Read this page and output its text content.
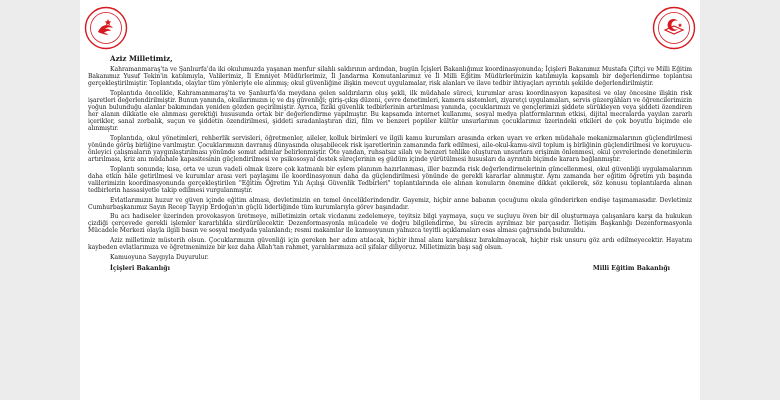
Aziz Milletimiz,

Kahramanmaraş'ta ve Şanlıurfa'da iki okulumuzda yaşanan menfur silahlı saldırının ardından, bugün İçişleri Bakanlığımız koordinasyonunda; İçişleri Bakanımız Mustafa Çiftçi ve Milli Eğitim Bakanımız Yusuf Tekin'in katılımıyla, Valilerimiz, İl Emniyet Müdürlerimiz, İl Jandarma Komutanlarımız ve İl Milli Eğitim Müdürlerimizin katılımıyla kapsamlı bir değerlendirme toplantısı gerçekleştirilmiştir. Toplantıda, olaylar tüm yönleriyle ele alınmış; okul güvenliğine ilişkin mevcut uygulamalar, risk alanları ve ilave tedbir ihtiyaçları ayrıntılı şekilde değerlendirilmiştir.

Toplantıda öncelikle, Kahramanmaraş'ta ve Şanlıurfa'da meydana gelen saldırıların oluş şekli, ilk müdahale süreci, kurumlar arası koordinasyon kapasitesi ve olay öncesine ilişkin risk işaretleri değerlendirilmiştir. Bunun yanında, okullarımızın iç ve dış güvenliği; giriş-çıkış düzeni, çevre denetimleri, kamera sistemleri, ziyaretçi uygulamaları, servis güzergâhları ve öğrencilerimizin yoğun bulunduğu alanlar bakımından yeniden gözden geçirilmiştir. Ayrıca, fiziki güvenlik tedbirlerinin artırılması yanında, çocuklarımızı ve gençlerimizi şiddete sürükleyen veya şiddeti özendiren her alanın dikkatle ele alınması gerektiği hususunda ortak bir değerlendirme yapılmıştır. Bu kapsamda internet kullanımı, sosyal medya platformlarının etkisi, dijital mecralarda yayılan zararlı içerikler, sanal zorbalık, suçun ve şiddetin özendirilmesi, şiddeti sıradanlaştıran dizi, film ve benzeri popüler kültür unsurlarının çocuklarımız üzerindeki etkileri de çok boyutlu biçimde ele alınmıştır.

Toplantıda, okul yönetimleri, rehberlik servisleri, öğretmenler, aileler, kolluk birimleri ve ilgili kamu kurumları arasında erken uyarı ve erken müdahale mekanizmalarının güçlendirilmesi yönünde görüş birliğine varılmıştır. Çocuklarımızın davranış dünyasında oluşabilecek risk işaretlerinin zamanında fark edilmesi, aile-okul-kamu-sivil toplum iş birliğinin güçlendirilmesi ve koruyucu-önleyici çalışmaların yaygınlaştırılması yönünde somut adımlar belirlenmiştir. Öte yandan, ruhsatsız silah ve benzeri tehlike oluşturan unsurlara erişimin önlenmesi, okul çevrelerinde denetimlerin artırılması, kriz anı müdahale kapasitesinin güçlendirilmesi ve psikososyal destek süreçlerinin eş güdüm içinde yürütülmesi hususları da ayrıntılı biçimde karara bağlanmıştır.

Toplantı sonunda; kısa, orta ve uzun vadeli olmak üzere çok katmanlı bir eylem planının hazırlanması, iller bazında risk değerlendirmelerinin güncellenmesi, okul güvenliği uygulamalarının daha etkin hâle getirilmesi ve kurumlar arası veri paylaşımı ile koordinasyonun daha da güçlendirilmesi yönünde de gerekli kararlar alınmıştır. Aynı zamanda her eğitim öğretim yılı başında valilerimizin koordinasyonunda gerçekleştirilen "Eğitim Öğretim Yılı Açılışı Güvenlik Tedbirleri" toplantılarında ele alınan konuların önemine dikkat çekilerek, söz konusu toplantılarda alınan tedbirlerin hassasiyetle takip edilmesi vurgulanmıştır.

Evlatlarımızın huzur ve güven içinde eğitim alması, devletimizin en temel önceliklerindendir. Gayemiz, hiçbir anne babanın çocuğunu okula gönderirken endişe taşımamasıdır. Devletimiz Cumhurbaşkanımız Sayın Recep Tayyip Erdoğan'ın güçlü liderliğinde tüm kurumlarıyla görev başındadır.

Bu acı hadiseler üzerinden provokasyon üretmeye, milletimizin ortak vicdanını zedelemeye, teyitsiz bilgi yaymaya, suçu ve suçluyu öven bir dil oluşturmaya çalışanlara karşı da hukukun çizdiği çerçevede gerekli işlemler kararlılıkla sürdürülecektir. Dezenformasyonla mücadele ve doğru bilgilendirme, bu sürecin ayrılmaz bir parçasıdır. İletişim Başkanlığı Dezenformasyonla Mücadele Merkezi olayla ilgili basın ve sosyal medyada yalanlandı; resmi makamlar ile kamuoyunun yalnızca teyitli açıklamaları esas alması çağrısında bulunuldu.

Aziz milletimiz müsterih olsun. Çocuklarımızın güvenliği için gereken her adım atılacak, hiçbir ihmal alanı karşılıksız bırakılmayacak, hiçbir risk unsuru göz ardı edilmeyecektir. Hayatını kaybeden evlatlarımıza ve öğretmenimize bir kez daha Allah'tan rahmet, yaralılarımıza acil şifalar diliyoruz. Milletimizin başı sağ olsun.

Kamuoyuna Saygıyla Duyurulur.
İçişleri Bakanlığı	Milli Eğitim Bakanlığı
